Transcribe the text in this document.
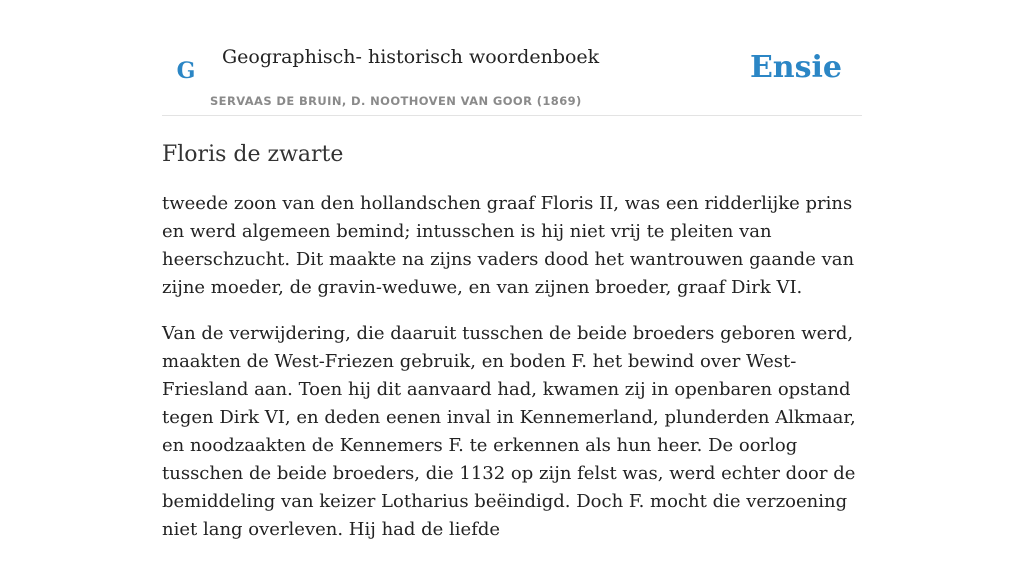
G
Geographisch- historisch woordenboek
SERVAAS DE BRUIN, D. NOOTHOVEN VAN GOOR (1869)
Ensie
Floris de zwarte

tweede zoon van den hollandschen graaf Floris II, was een ridderlijke prins en werd algemeen bemind; intusschen is hij niet vrij te pleiten van heerschzucht. Dit maakte na zijns vaders dood het wantrouwen gaande van zijne moeder, de gravin-weduwe, en van zijnen broeder, graaf Dirk VI.

Van de verwijdering, die daaruit tusschen de beide broeders geboren werd, maakten de West-Friezen gebruik, en boden F. het bewind over West-Friesland aan. Toen hij dit aanvaard had, kwamen zij in openbaren opstand tegen Dirk VI, en deden eenen inval in Kennemerland, plunderden Alkmaar, en noodzaakten de Kennemers F. te erkennen als hun heer. De oorlog tusschen de beide broeders, die 1132 op zijn felst was, werd echter door de bemiddeling van keizer Lotharius beëindigd. Doch F. mocht die verzoening niet lang overleven. Hij had de liefde
